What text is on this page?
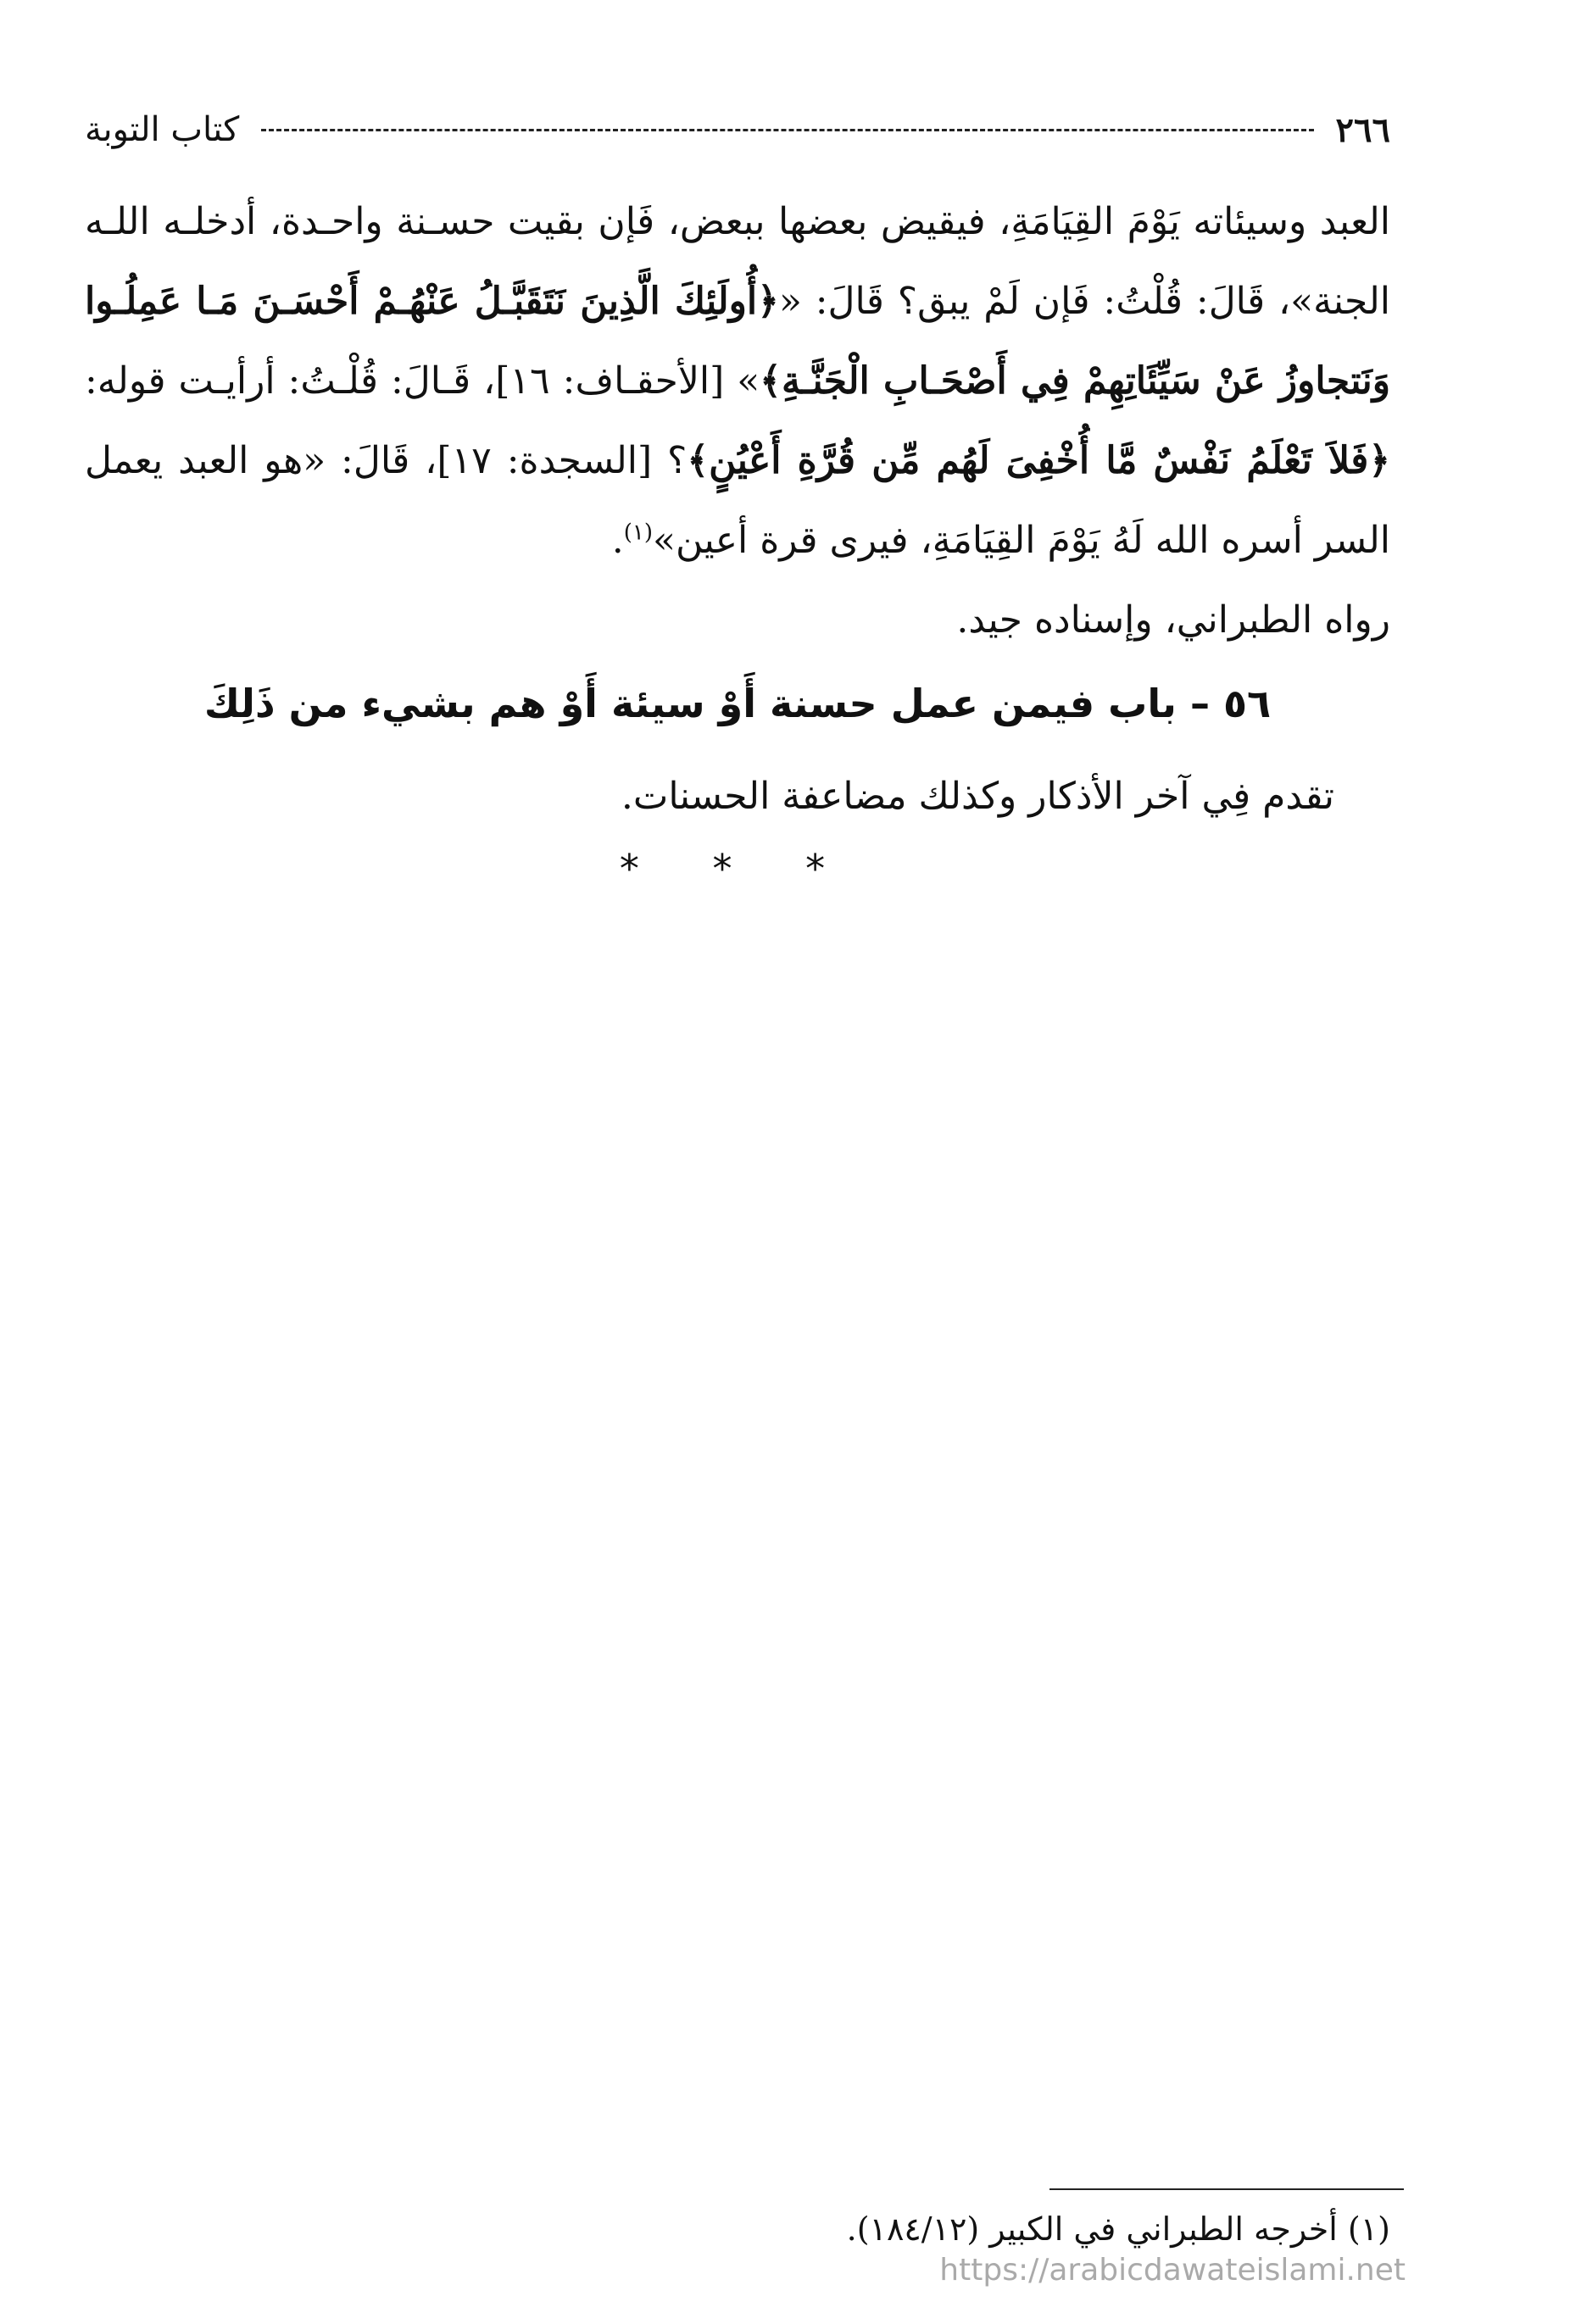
٢٦٦
كتاب التوبة
العبد وسيئاته يَوْمَ القِيَامَةِ، فيقيض بعضها ببعض، فَإن بقيت حسـنة واحـدة، أدخلـه اللـه الجنة»، قَالَ: قُلْتُ: فَإن لَمْ يبق؟ قَالَ: «﴿أُولَئِكَ الَّذِينَ نَتَقَبَّـلُ عَنْهُـمْ أَحْسَـنَ مَـا عَمِلُـوا وَنَتجاوزُ عَنْ سَيِّئَاتِهِمْ فِي أَصْحَـابِ الْجَنَّـةِ﴾» [الأحقـاف: ١٦]، قَـالَ: قُلْـتُ: أرأيـت قوله: ﴿فَلاَ تَعْلَمُ نَفْسٌ مَّا أُخْفِىَ لَهُم مِّن قُرَّةِ أَعْيُنٍ﴾؟ [السجدة: ١٧]، قَالَ: «هو العبد يعمل السر أسره الله لَهُ يَوْمَ القِيَامَةِ، فيرى قرة أعين»$^{(١)}$.
رواه الطبراني، وإسناده جيد.
٥٦ – باب فيمن عمل حسنة أَوْ سيئة أَوْ هم بشيء من ذَلِكَ
تقدم فِي آخر الأذكار وكذلك مضاعفة الحسنات.
* * *
(١) أخرجه الطبراني في الكبير (١٨٤/١٢).
https://arabicdawateislami.net
